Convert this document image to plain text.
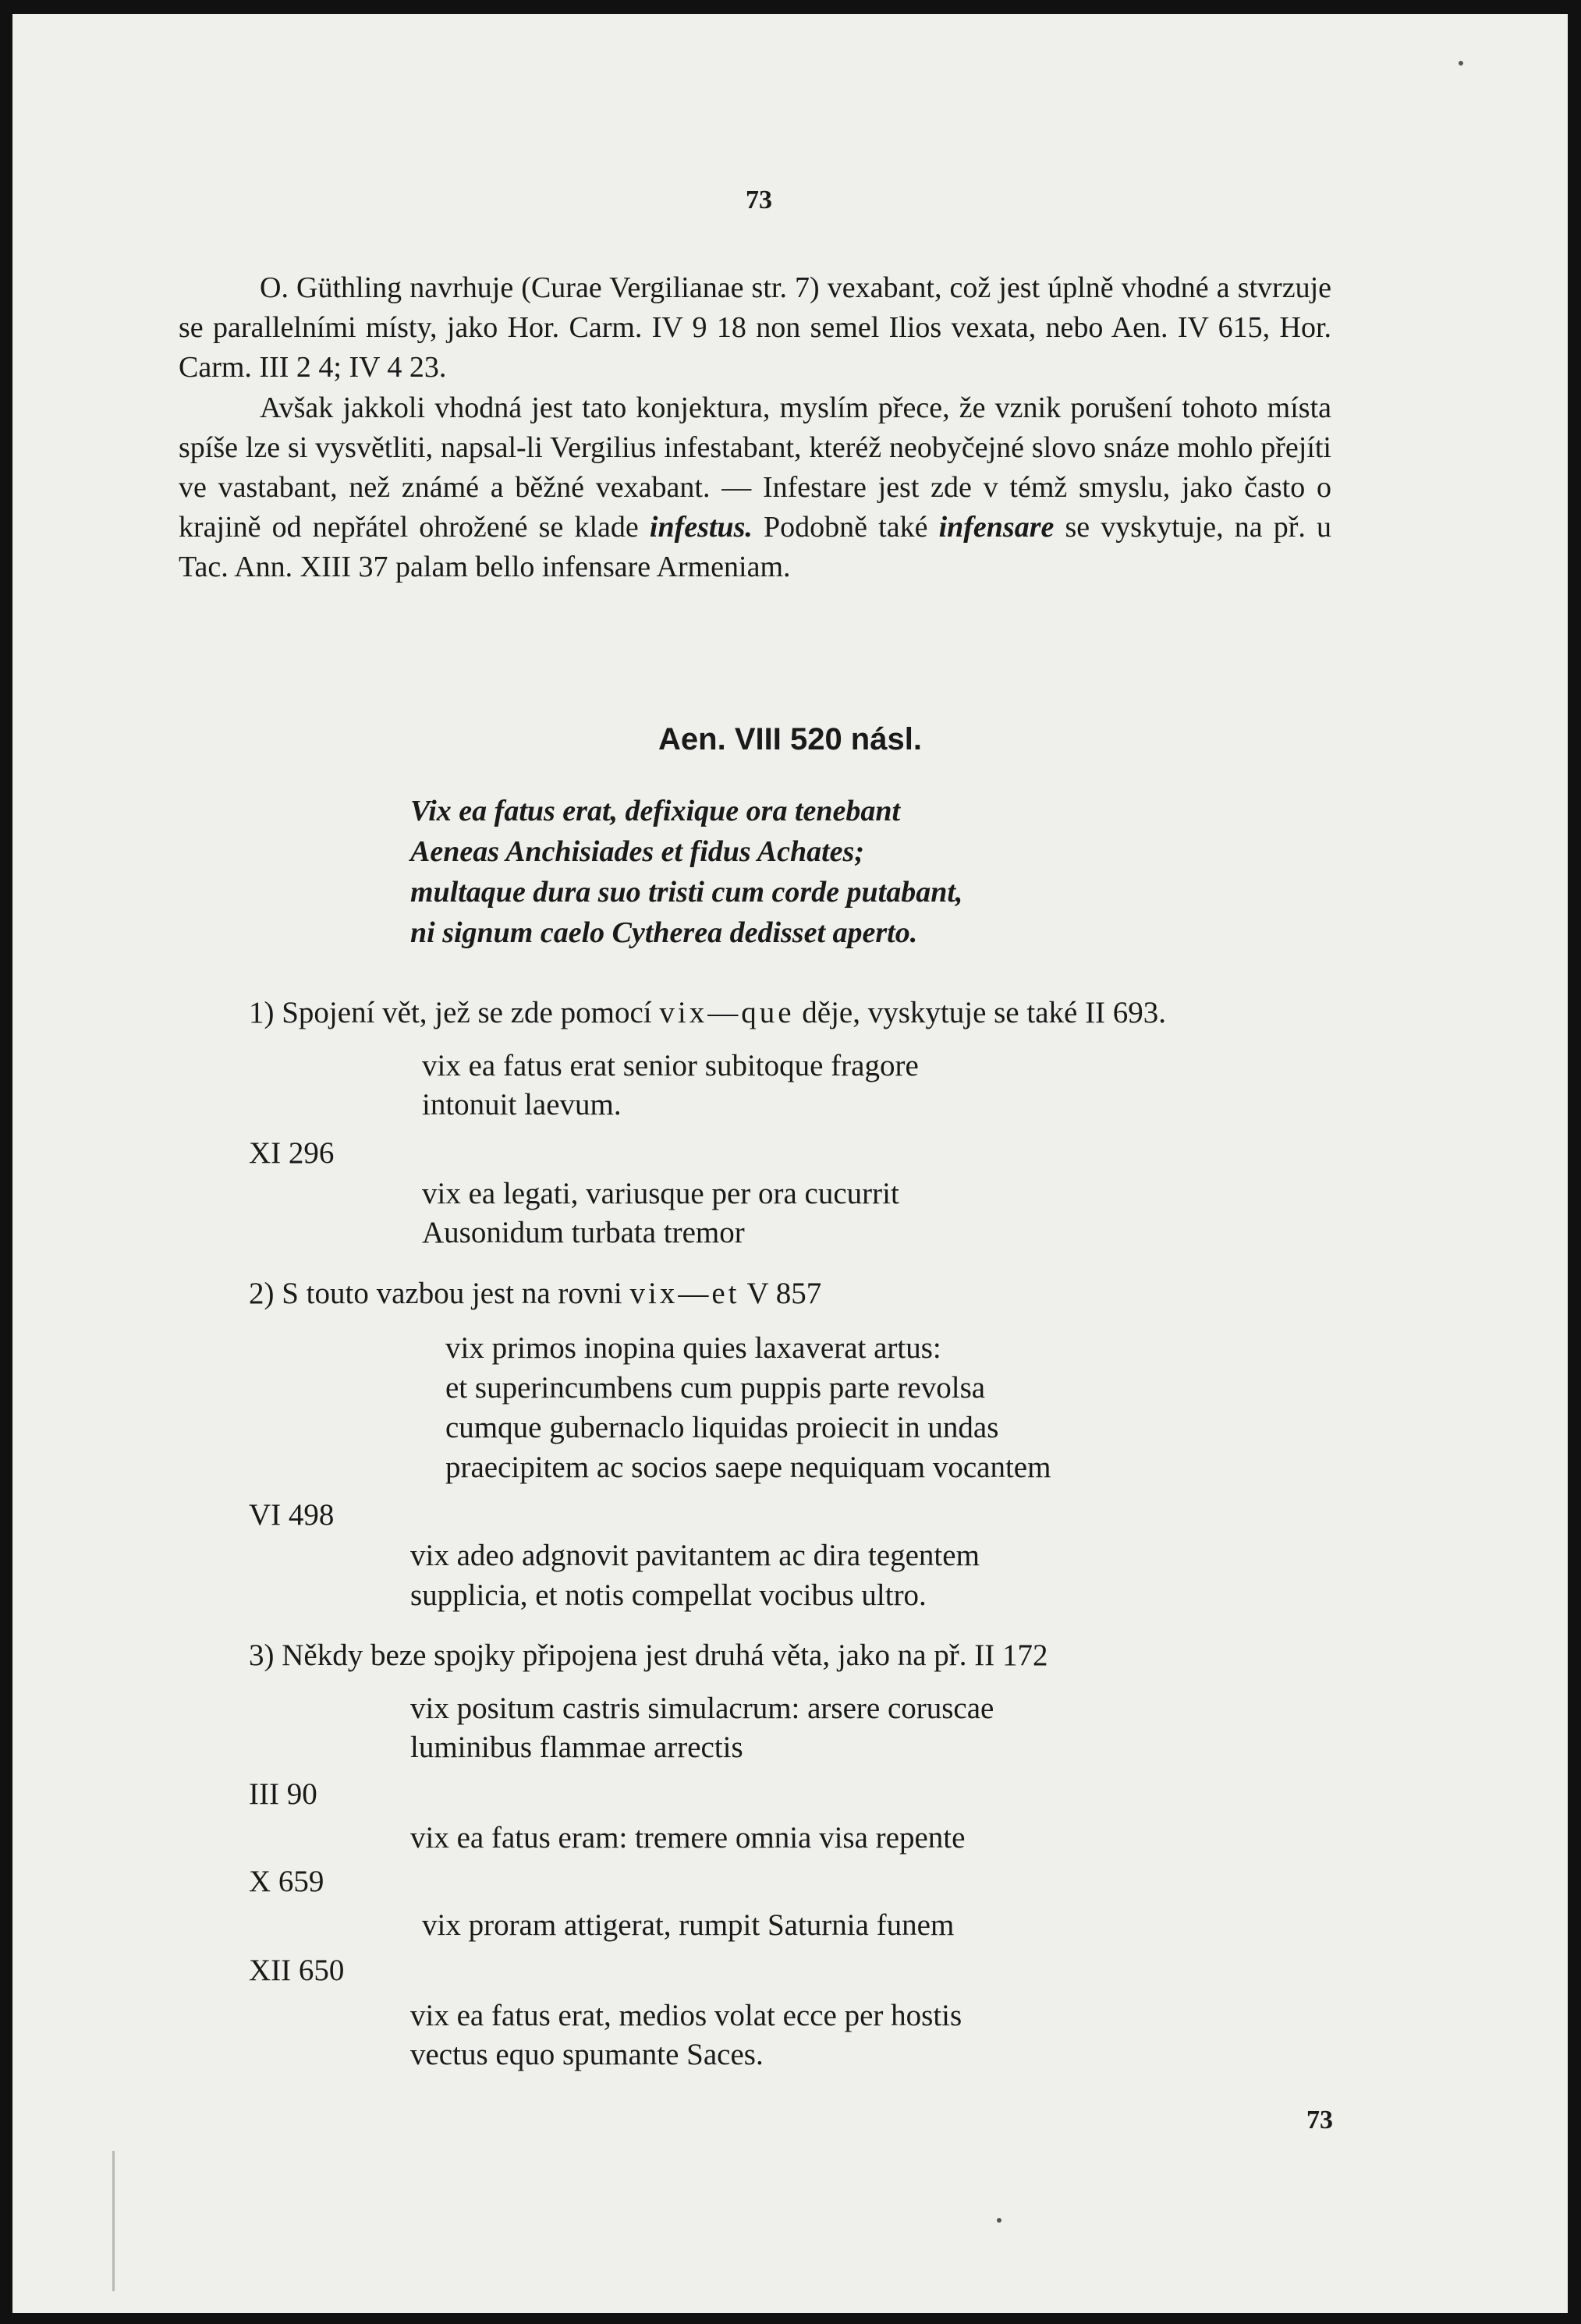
73

O. Güthling navrhuje (Curae Vergilianae str. 7) vexabant, což jest úplně vhodné a stvrzuje se parallelními místy, jako Hor. Carm. IV 9 18 non semel Ilios vexata, nebo Aen. IV 615, Hor. Carm. III 2 4; IV 4 23.

Avšak jakkoli vhodná jest tato konjektura, myslím přece, že vznik porušení tohoto místa spíše lze si vysvětliti, napsal-li Vergilius infestabant, kteréž neobyčejné slovo snáze mohlo přejíti ve vastabant, než známé a běžné vexabant. — Infestare jest zde v témž smyslu, jako často o krajině od nepřátel ohrožené se klade infestus. Podobně také infensare se vyskytuje, na př. u Tac. Ann. XIII 37 palam bello infensare Armeniam.

Aen. VIII 520 násl.
Vix ea fatus erat, defixique ora tenebant
Aeneas Anchisiades et fidus Achates;
multaque dura suo tristi cum corde putabant,
ni signum caelo Cytherea dedisset aperto.
1) Spojení vět, jež se zde pomocí vix—que děje, vyskytuje se také II 693.
vix ea fatus erat senior subitoque fragore
intonuit laevum.
XI 296
vix ea legati, variusque per ora cucurrit
Ausonidum turbata tremor
2) S touto vazbou jest na rovni vix—et V 857
vix primos inopina quies laxaverat artus:
et superincumbens cum puppis parte revolsa
cumque gubernaclo liquidas proiecit in undas
praecipitem ac socios saepe nequiquam vocantem
VI 498
vix adeo adgnovit pavitantem ac dira tegentem
supplicia, et notis compellat vocibus ultro.
3) Někdy beze spojky připojena jest druhá věta, jako na př. II 172
vix positum castris simulacrum: arsere coruscae
luminibus flammae arrectis
III 90
vix ea fatus eram: tremere omnia visa repente
X 659
vix proram attigerat, rumpit Saturnia funem
XII 650
vix ea fatus erat, medios volat ecce per hostis
vectus equo spumante Saces.
73
